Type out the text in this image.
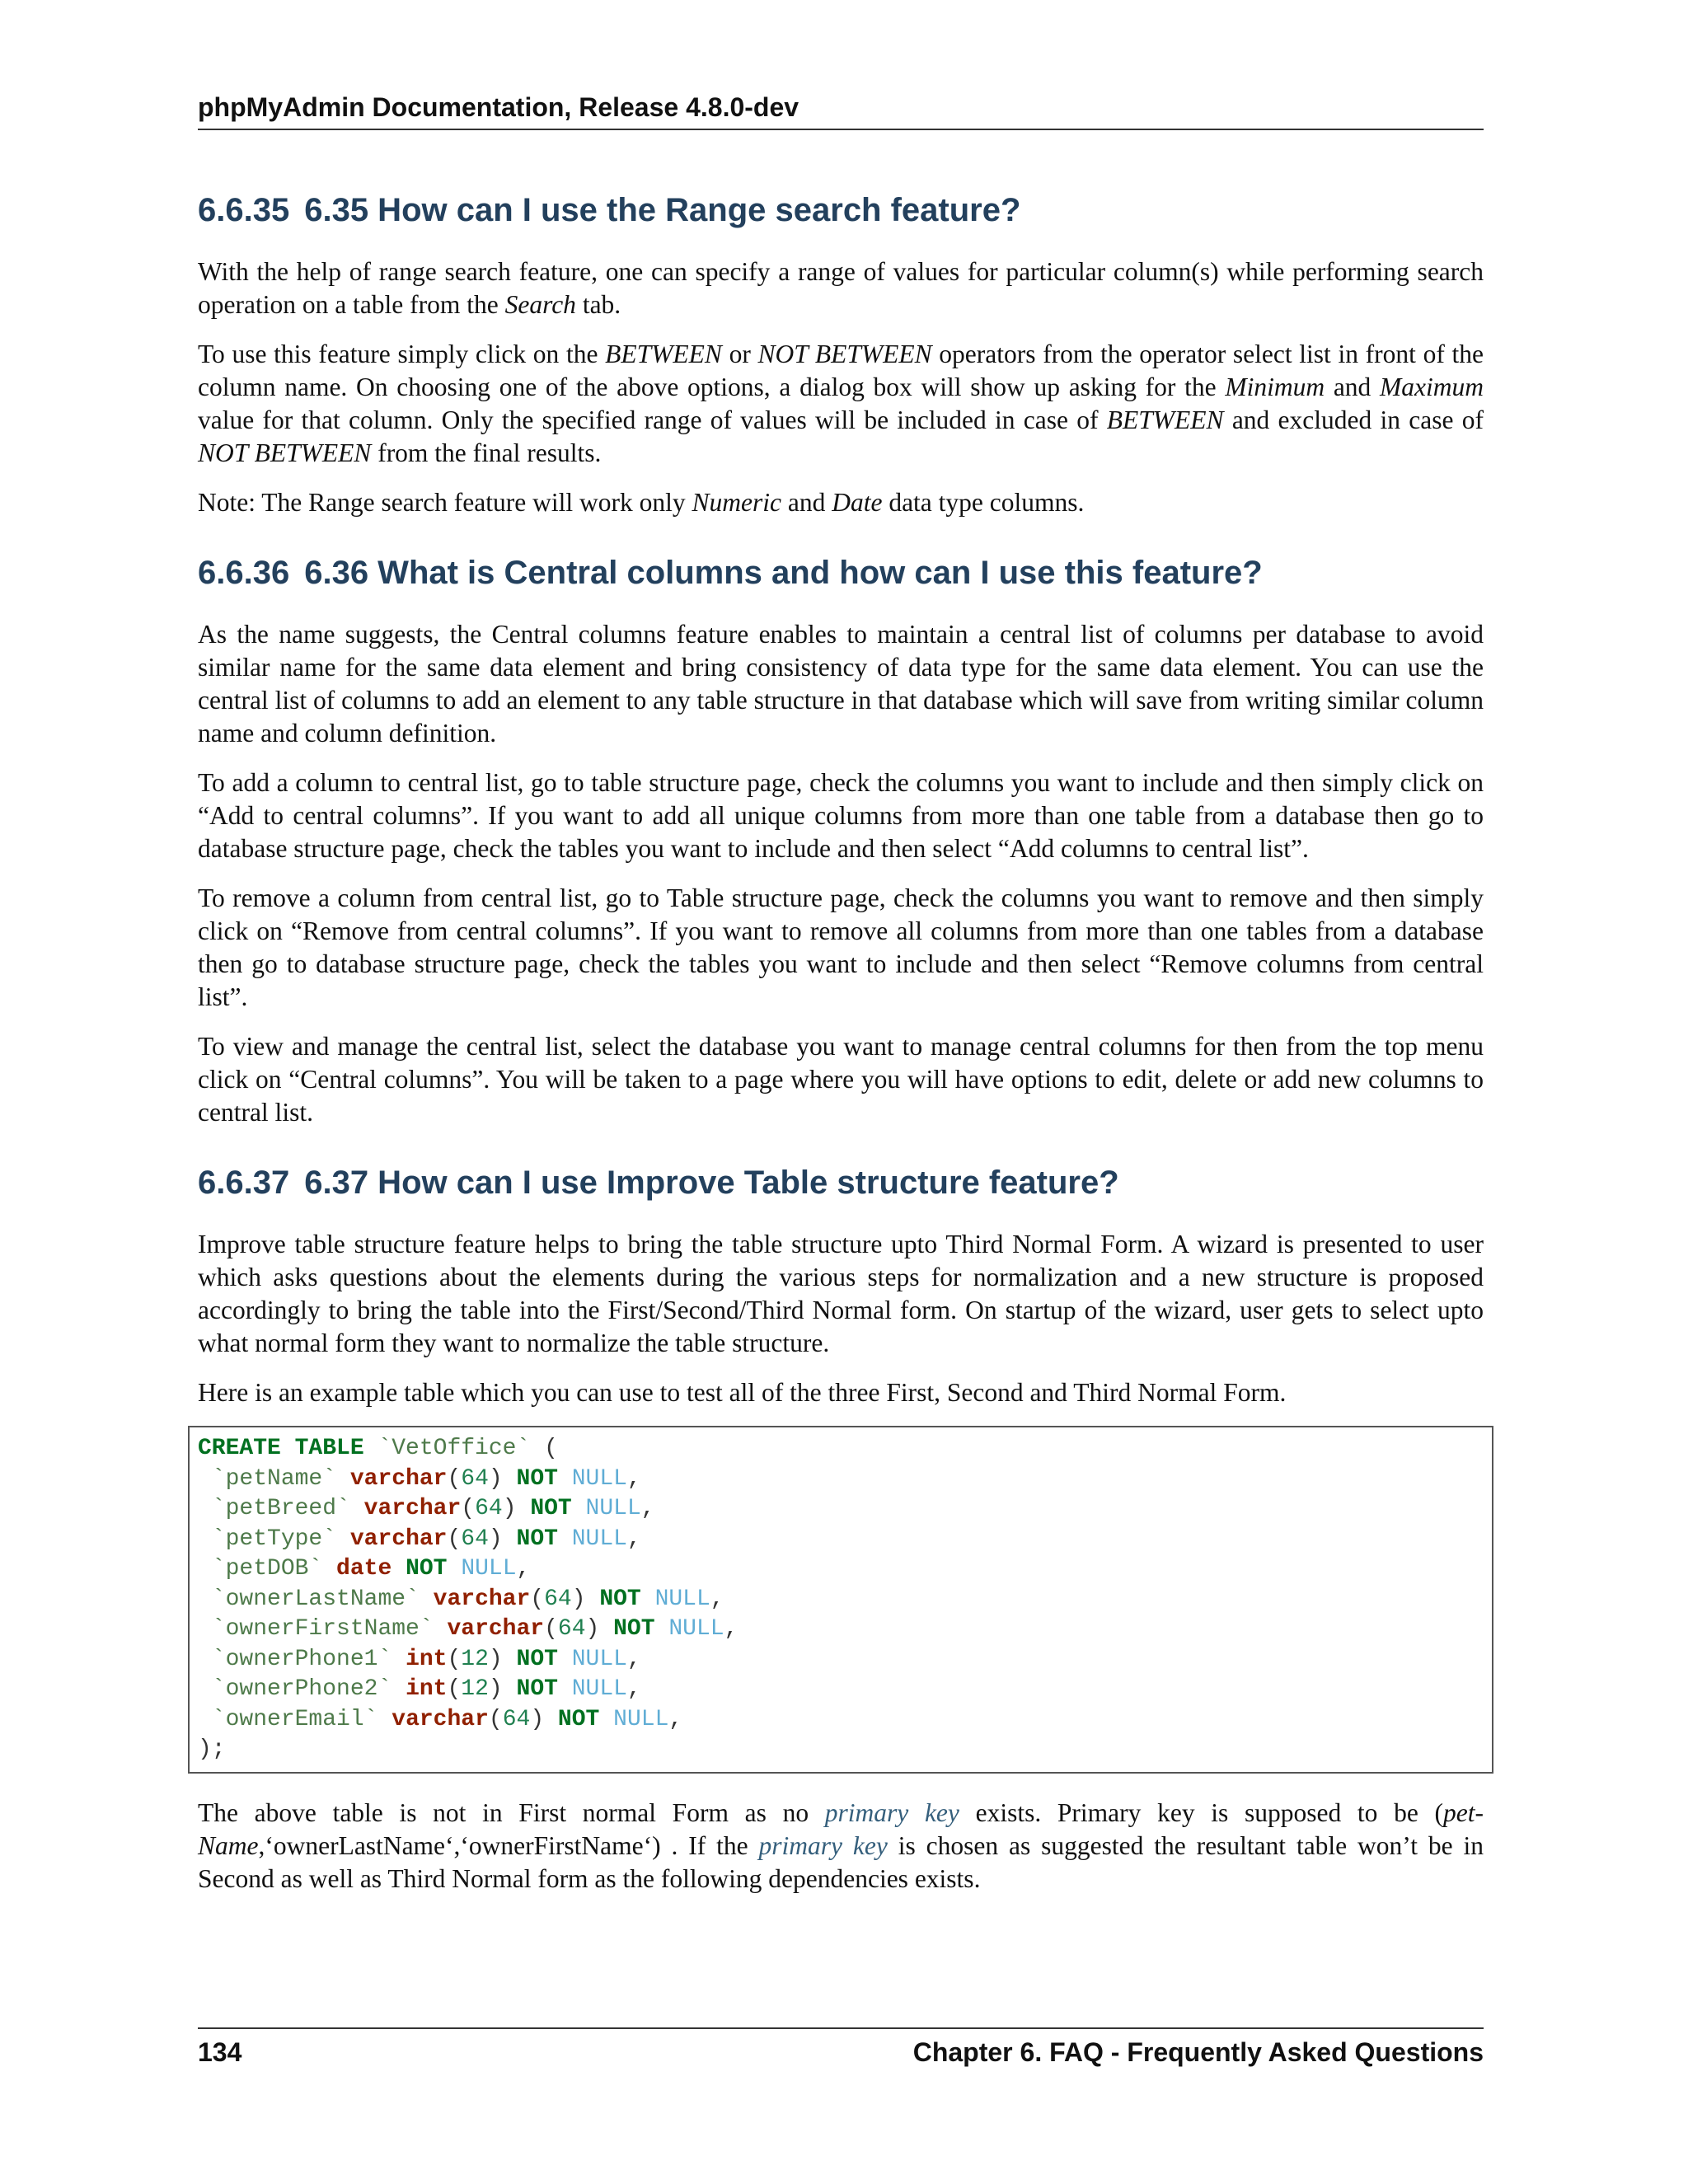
phpMyAdmin Documentation, Release 4.8.0-dev
6.6.35 6.35 How can I use the Range search feature?

With the help of range search feature, one can specify a range of values for particular column(s) while performing search operation on a table from the Search tab.

To use this feature simply click on the BETWEEN or NOT BETWEEN operators from the operator select list in front of the column name. On choosing one of the above options, a dialog box will show up asking for the Minimum and Maximum value for that column. Only the specified range of values will be included in case of BETWEEN and excluded in case of NOT BETWEEN from the final results.

Note: The Range search feature will work only Numeric and Date data type columns.

6.6.36 6.36 What is Central columns and how can I use this feature?

As the name suggests, the Central columns feature enables to maintain a central list of columns per database to avoid similar name for the same data element and bring consistency of data type for the same data element. You can use the central list of columns to add an element to any table structure in that database which will save from writing similar column name and column definition.

To add a column to central list, go to table structure page, check the columns you want to include and then simply click on “Add to central columns”. If you want to add all unique columns from more than one table from a database then go to database structure page, check the tables you want to include and then select “Add columns to central list”.

To remove a column from central list, go to Table structure page, check the columns you want to remove and then simply click on “Remove from central columns”. If you want to remove all columns from more than one tables from a database then go to database structure page, check the tables you want to include and then select “Remove columns from central list”.

To view and manage the central list, select the database you want to manage central columns for then from the top menu click on “Central columns”. You will be taken to a page where you will have options to edit, delete or add new columns to central list.

6.6.37 6.37 How can I use Improve Table structure feature?

Improve table structure feature helps to bring the table structure upto Third Normal Form. A wizard is presented to user which asks questions about the elements during the various steps for normalization and a new structure is proposed accordingly to bring the table into the First/Second/Third Normal form. On startup of the wizard, user gets to select upto what normal form they want to normalize the table structure.

Here is an example table which you can use to test all of the three First, Second and Third Normal Form.

CREATE TABLE `VetOffice` (
`petName` varchar(64) NOT NULL,
`petBreed` varchar(64) NOT NULL,
`petType` varchar(64) NOT NULL,
`petDOB` date NOT NULL,
`ownerLastName` varchar(64) NOT NULL,
`ownerFirstName` varchar(64) NOT NULL,
`ownerPhone1` int(12) NOT NULL,
`ownerPhone2` int(12) NOT NULL,
`ownerEmail` varchar(64) NOT NULL,
);

The above table is not in First normal Form as no primary key exists. Primary key is supposed to be (pet-Name,‘ownerLastName‘,‘ownerFirstName‘) . If the primary key is chosen as suggested the resultant table won’t be in Second as well as Third Normal form as the following dependencies exists.

134	Chapter 6. FAQ - Frequently Asked Questions
